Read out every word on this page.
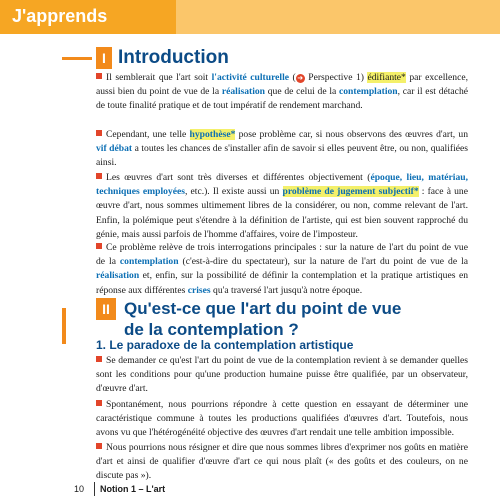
J'apprends
I Introduction
Il semblerait que l'art soit l'activité culturelle ( ➜ Perspective 1) édifiante* par excellence, aussi bien du point de vue de la réalisation que de celui de la contemplation, car il est détaché de toute finalité pratique et de tout impératif de rendement marchand.
Cependant, une telle hypothèse* pose problème car, si nous observons des œuvres d'art, un vif débat a toutes les chances de s'installer afin de savoir si elles peuvent être, ou non, qualifiées ainsi.
Les œuvres d'art sont très diverses et différentes objectivement (époque, lieu, matériau, techniques employées, etc.). Il existe aussi un problème de jugement subjectif* : face à une œuvre d'art, nous sommes ultimement libres de la considérer, ou non, comme relevant de l'art. Enfin, la polémique peut s'étendre à la définition de l'artiste, qui est bien souvent rapproché du génie, mais aussi parfois de l'homme d'affaires, voire de l'imposteur.
Ce problème relève de trois interrogations principales : sur la nature de l'art du point de vue de la contemplation (c'est-à-dire du spectateur), sur la nature de l'art du point de vue de la réalisation et, enfin, sur la possibilité de définir la contemplation et la pratique artistiques en réponse aux différentes crises qu'a traversé l'art jusqu'à notre époque.
II Qu'est-ce que l'art du point de vue
de la contemplation ?
1. Le paradoxe de la contemplation artistique
Se demander ce qu'est l'art du point de vue de la contemplation revient à se demander quelles sont les conditions pour qu'une production humaine puisse être qualifiée, par un observateur, d'œuvre d'art.
Spontanément, nous pourrions répondre à cette question en essayant de déterminer une caractéristique commune à toutes les productions qualifiées d'œuvres d'art. Toutefois, nous avons vu que l'hétérogénéité objective des œuvres d'art rendait une telle ambition impossible.
Nous pourrions nous résigner et dire que nous sommes libres d'exprimer nos goûts en matière d'art et ainsi de qualifier d'œuvre d'art ce qui nous plaît (« des goûts et des couleurs, on ne discute pas »).
10 Notion 1 – L'art
